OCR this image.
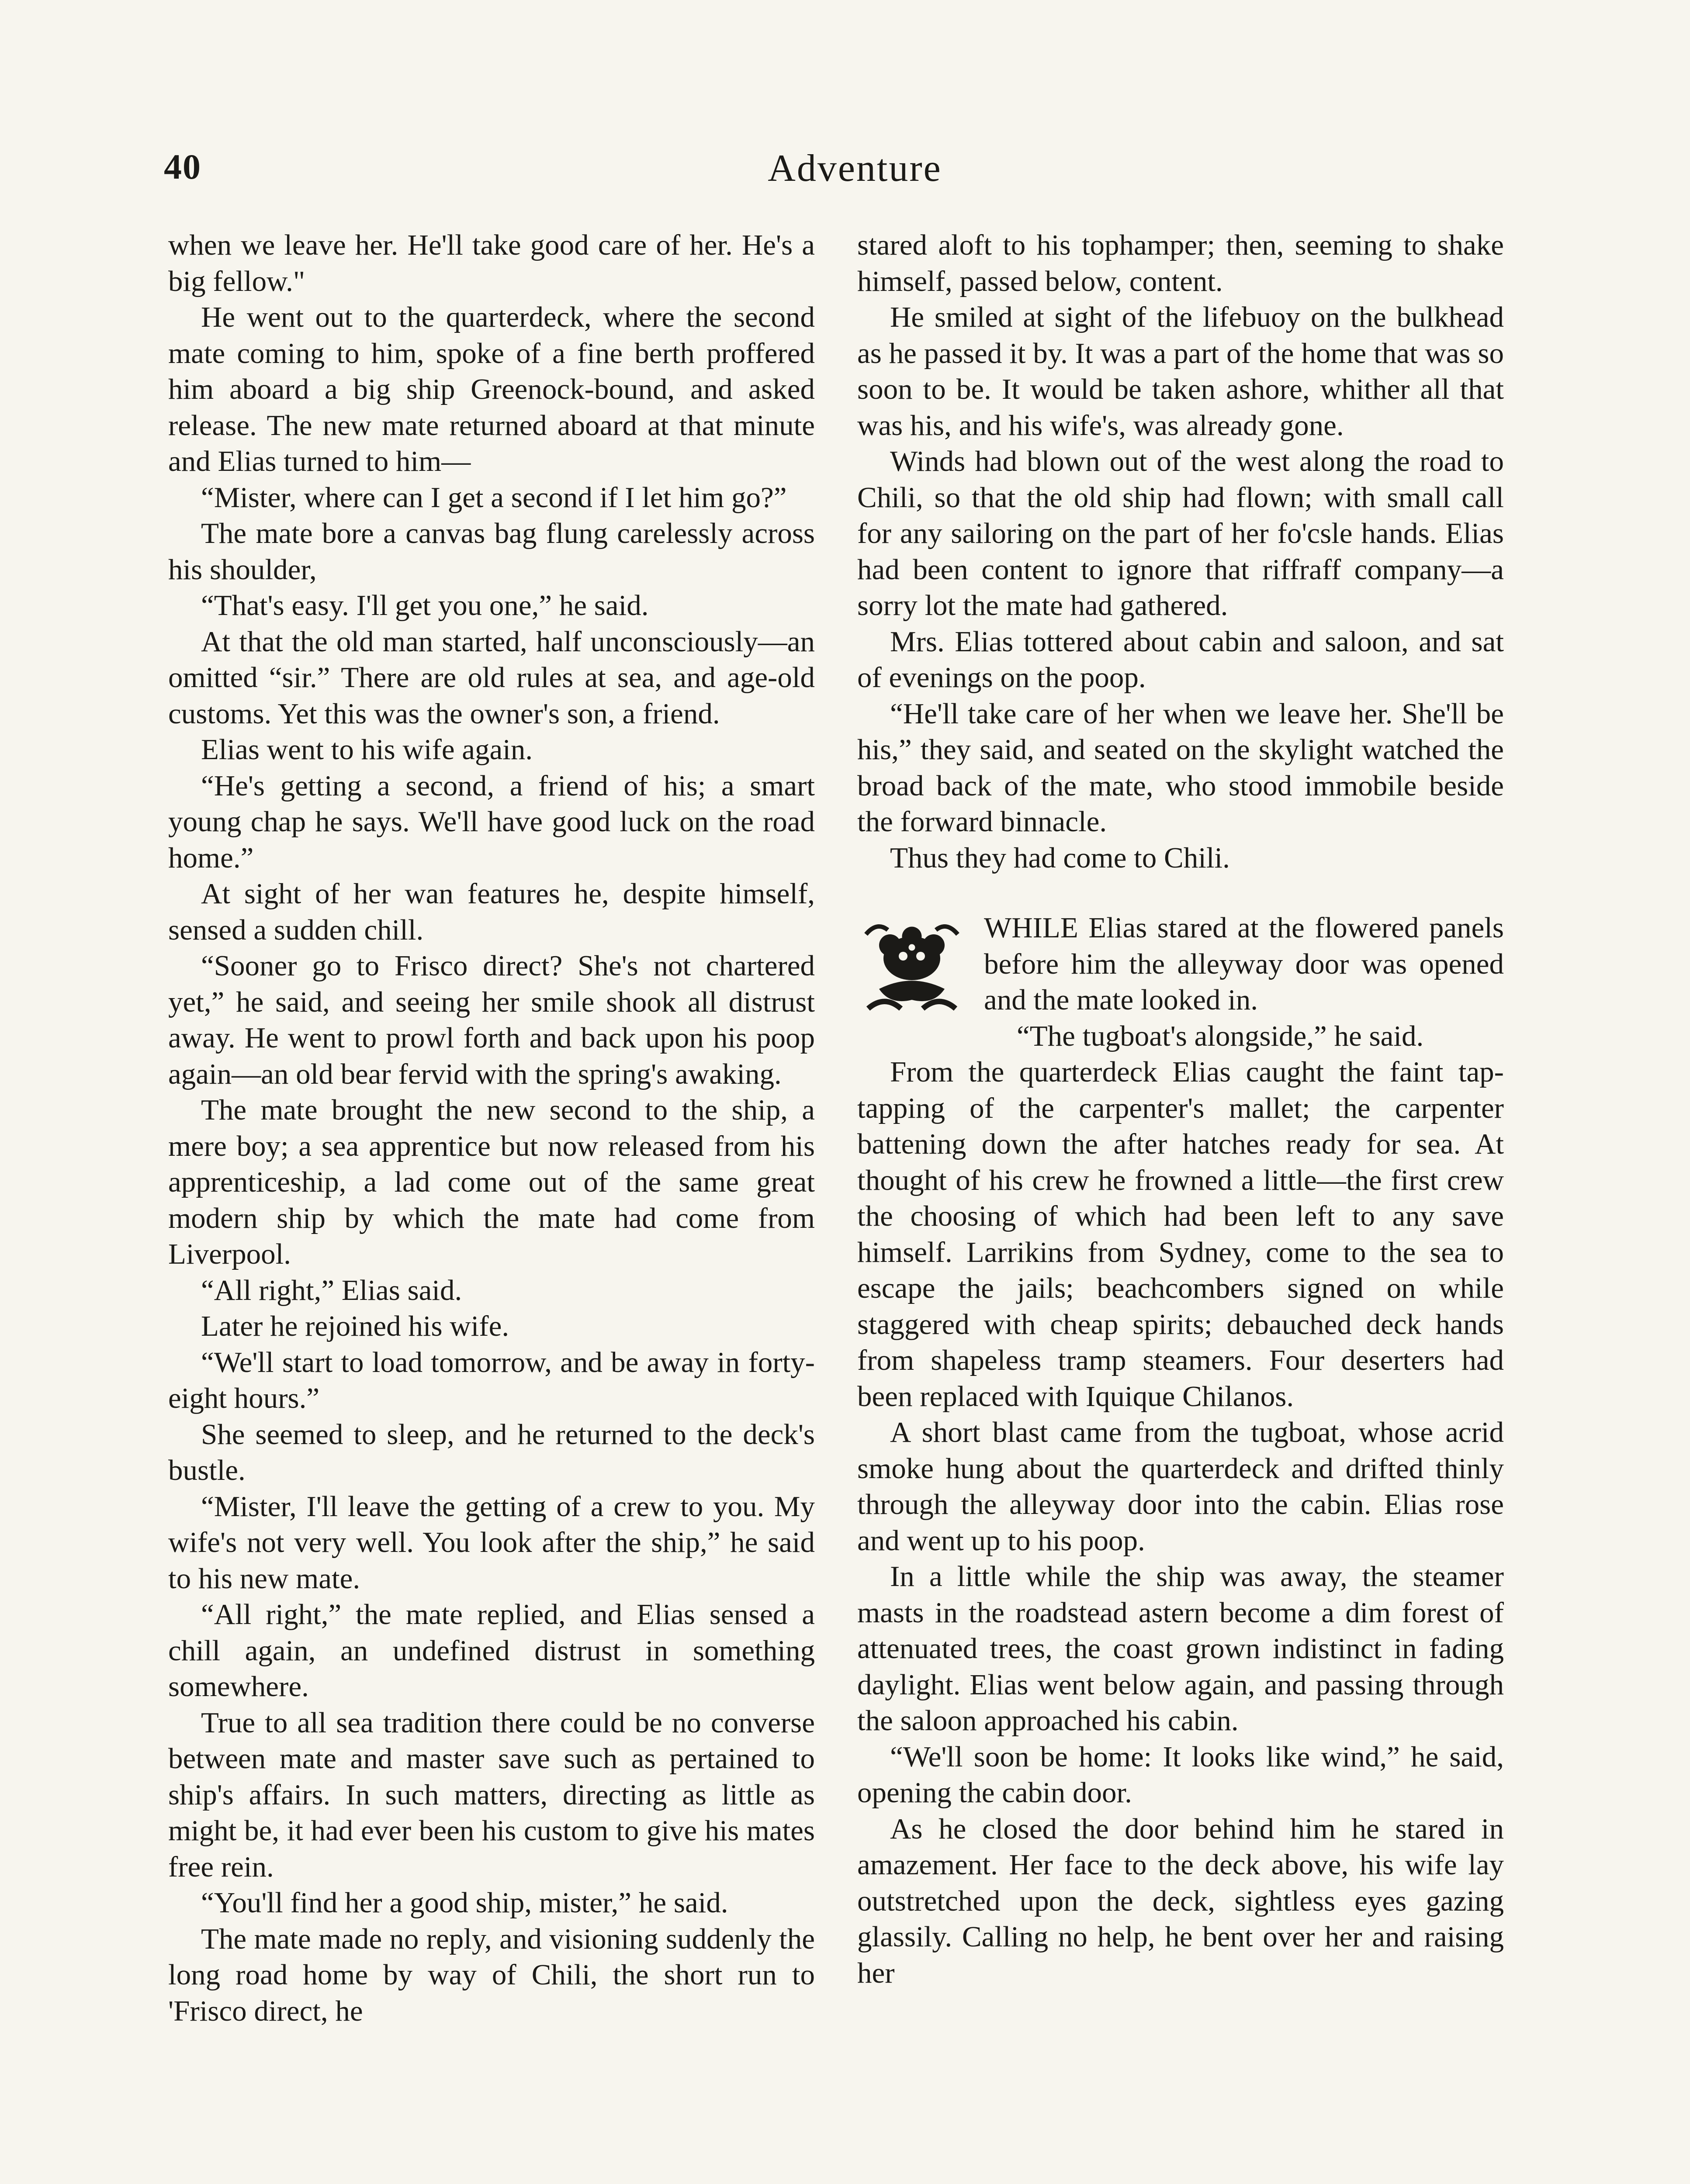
40	Adventure

when we leave her. He'll take good care of her. He's a big fellow."

He went out to the quarterdeck, where the second mate coming to him, spoke of a fine berth proffered him aboard a big ship Greenock-bound, and asked release. The new mate returned aboard at that minute and Elias turned to him—

“Mister, where can I get a second if I let him go?”

The mate bore a canvas bag flung carelessly across his shoulder,

“That's easy. I'll get you one,” he said.

At that the old man started, half unconsciously—an omitted “sir.” There are old rules at sea, and age-old customs. Yet this was the owner's son, a friend.

Elias went to his wife again.

“He's getting a second, a friend of his; a smart young chap he says. We'll have good luck on the road home.”

At sight of her wan features he, despite himself, sensed a sudden chill.

“Sooner go to Frisco direct? She's not chartered yet,” he said, and seeing her smile shook all distrust away. He went to prowl forth and back upon his poop again—an old bear fervid with the spring's awaking.

The mate brought the new second to the ship, a mere boy; a sea apprentice but now released from his apprenticeship, a lad come out of the same great modern ship by which the mate had come from Liverpool.

“All right,” Elias said.

Later he rejoined his wife.

“We'll start to load tomorrow, and be away in forty-eight hours.”

She seemed to sleep, and he returned to the deck's bustle.

“Mister, I'll leave the getting of a crew to you. My wife's not very well. You look after the ship,” he said to his new mate.

“All right,” the mate replied, and Elias sensed a chill again, an undefined distrust in something somewhere.

True to all sea tradition there could be no converse between mate and master save such as pertained to ship's affairs. In such matters, directing as little as might be, it had ever been his custom to give his mates free rein.

“You'll find her a good ship, mister,” he said.

The mate made no reply, and visioning suddenly the long road home by way of Chili, the short run to 'Frisco direct, he

stared aloft to his tophamper; then, seeming to shake himself, passed below, content.

He smiled at sight of the lifebuoy on the bulkhead as he passed it by. It was a part of the home that was so soon to be. It would be taken ashore, whither all that was his, and his wife's, was already gone.

Winds had blown out of the west along the road to Chili, so that the old ship had flown; with small call for any sailoring on the part of her fo'csle hands. Elias had been content to ignore that riffraff company—a sorry lot the mate had gathered.

Mrs. Elias tottered about cabin and saloon, and sat of evenings on the poop.

“He'll take care of her when we leave her. She'll be his,” they said, and seated on the skylight watched the broad back of the mate, who stood immobile beside the forward binnacle.

Thus they had come to Chili.

WHILE Elias stared at the flowered panels before him the alleyway door was opened and the mate looked in.

“The tugboat's alongside,” he said.

From the quarterdeck Elias caught the faint tap-tapping of the carpenter's mallet; the carpenter battening down the after hatches ready for sea. At thought of his crew he frowned a little—the first crew the choosing of which had been left to any save himself. Larrikins from Sydney, come to the sea to escape the jails; beachcombers signed on while staggered with cheap spirits; debauched deck hands from shapeless tramp steamers. Four deserters had been replaced with Iquique Chilanos.

A short blast came from the tugboat, whose acrid smoke hung about the quarterdeck and drifted thinly through the alleyway door into the cabin. Elias rose and went up to his poop.

In a little while the ship was away, the steamer masts in the roadstead astern become a dim forest of attenuated trees, the coast grown indistinct in fading daylight. Elias went below again, and passing through the saloon approached his cabin.

“We'll soon be home: It looks like wind,” he said, opening the cabin door.

As he closed the door behind him he stared in amazement. Her face to the deck above, his wife lay outstretched upon the deck, sightless eyes gazing glassily. Calling no help, he bent over her and raising her
